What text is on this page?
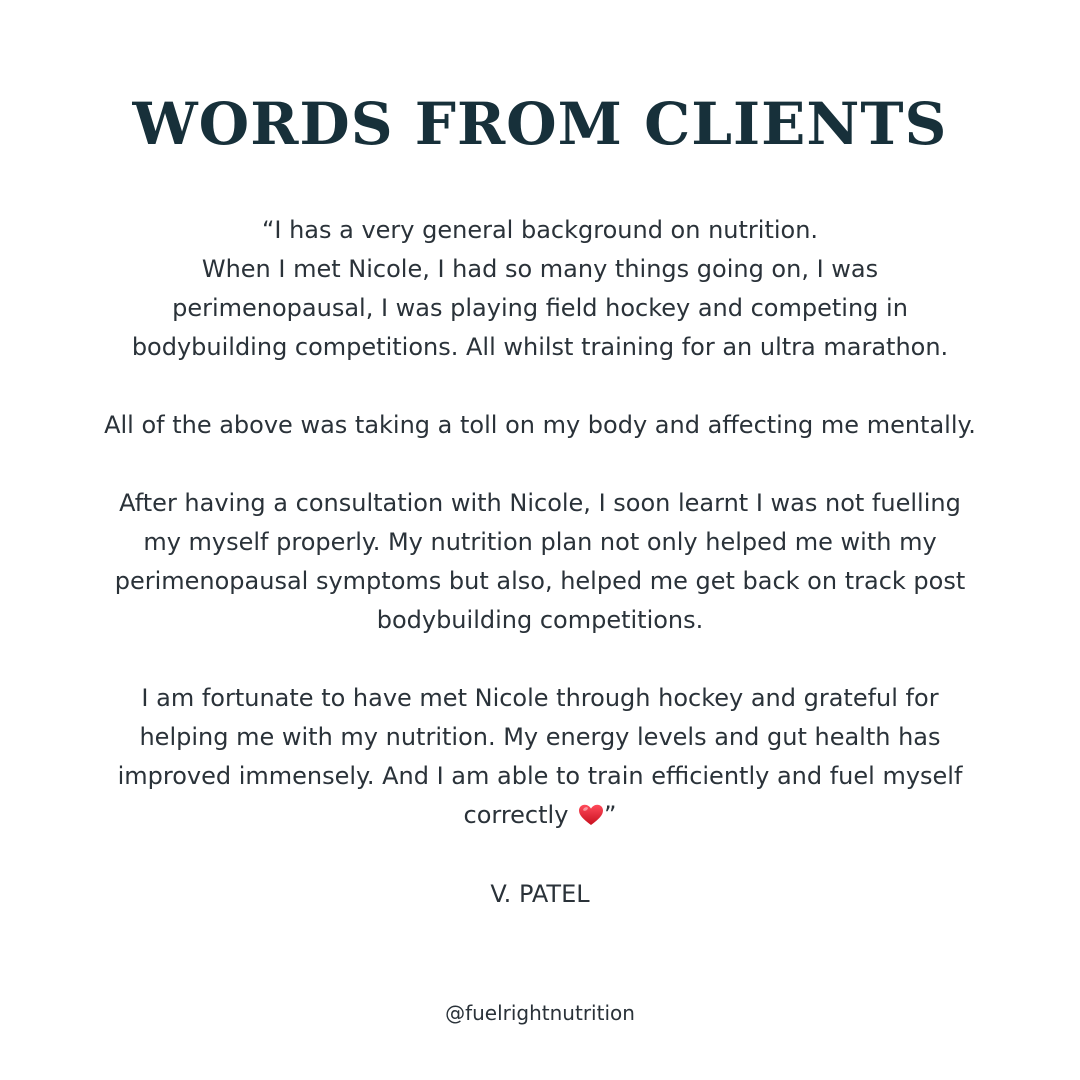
WORDS FROM CLIENTS

“I has a very general background on nutrition.
When I met Nicole, I had so many things going on, I was
perimenopausal, I was playing field hockey and competing in
bodybuilding competitions. All whilst training for an ultra marathon.

All of the above was taking a toll on my body and affecting me mentally.

After having a consultation with Nicole, I soon learnt I was not fuelling
my myself properly. My nutrition plan not only helped me with my
perimenopausal symptoms but also, helped me get back on track post
bodybuilding competitions.

I am fortunate to have met Nicole through hockey and grateful for
helping me with my nutrition. My energy levels and gut health has
improved immensely. And I am able to train efficiently and fuel myself
correctly ”

V. PATEL

@fuelrightnutrition
